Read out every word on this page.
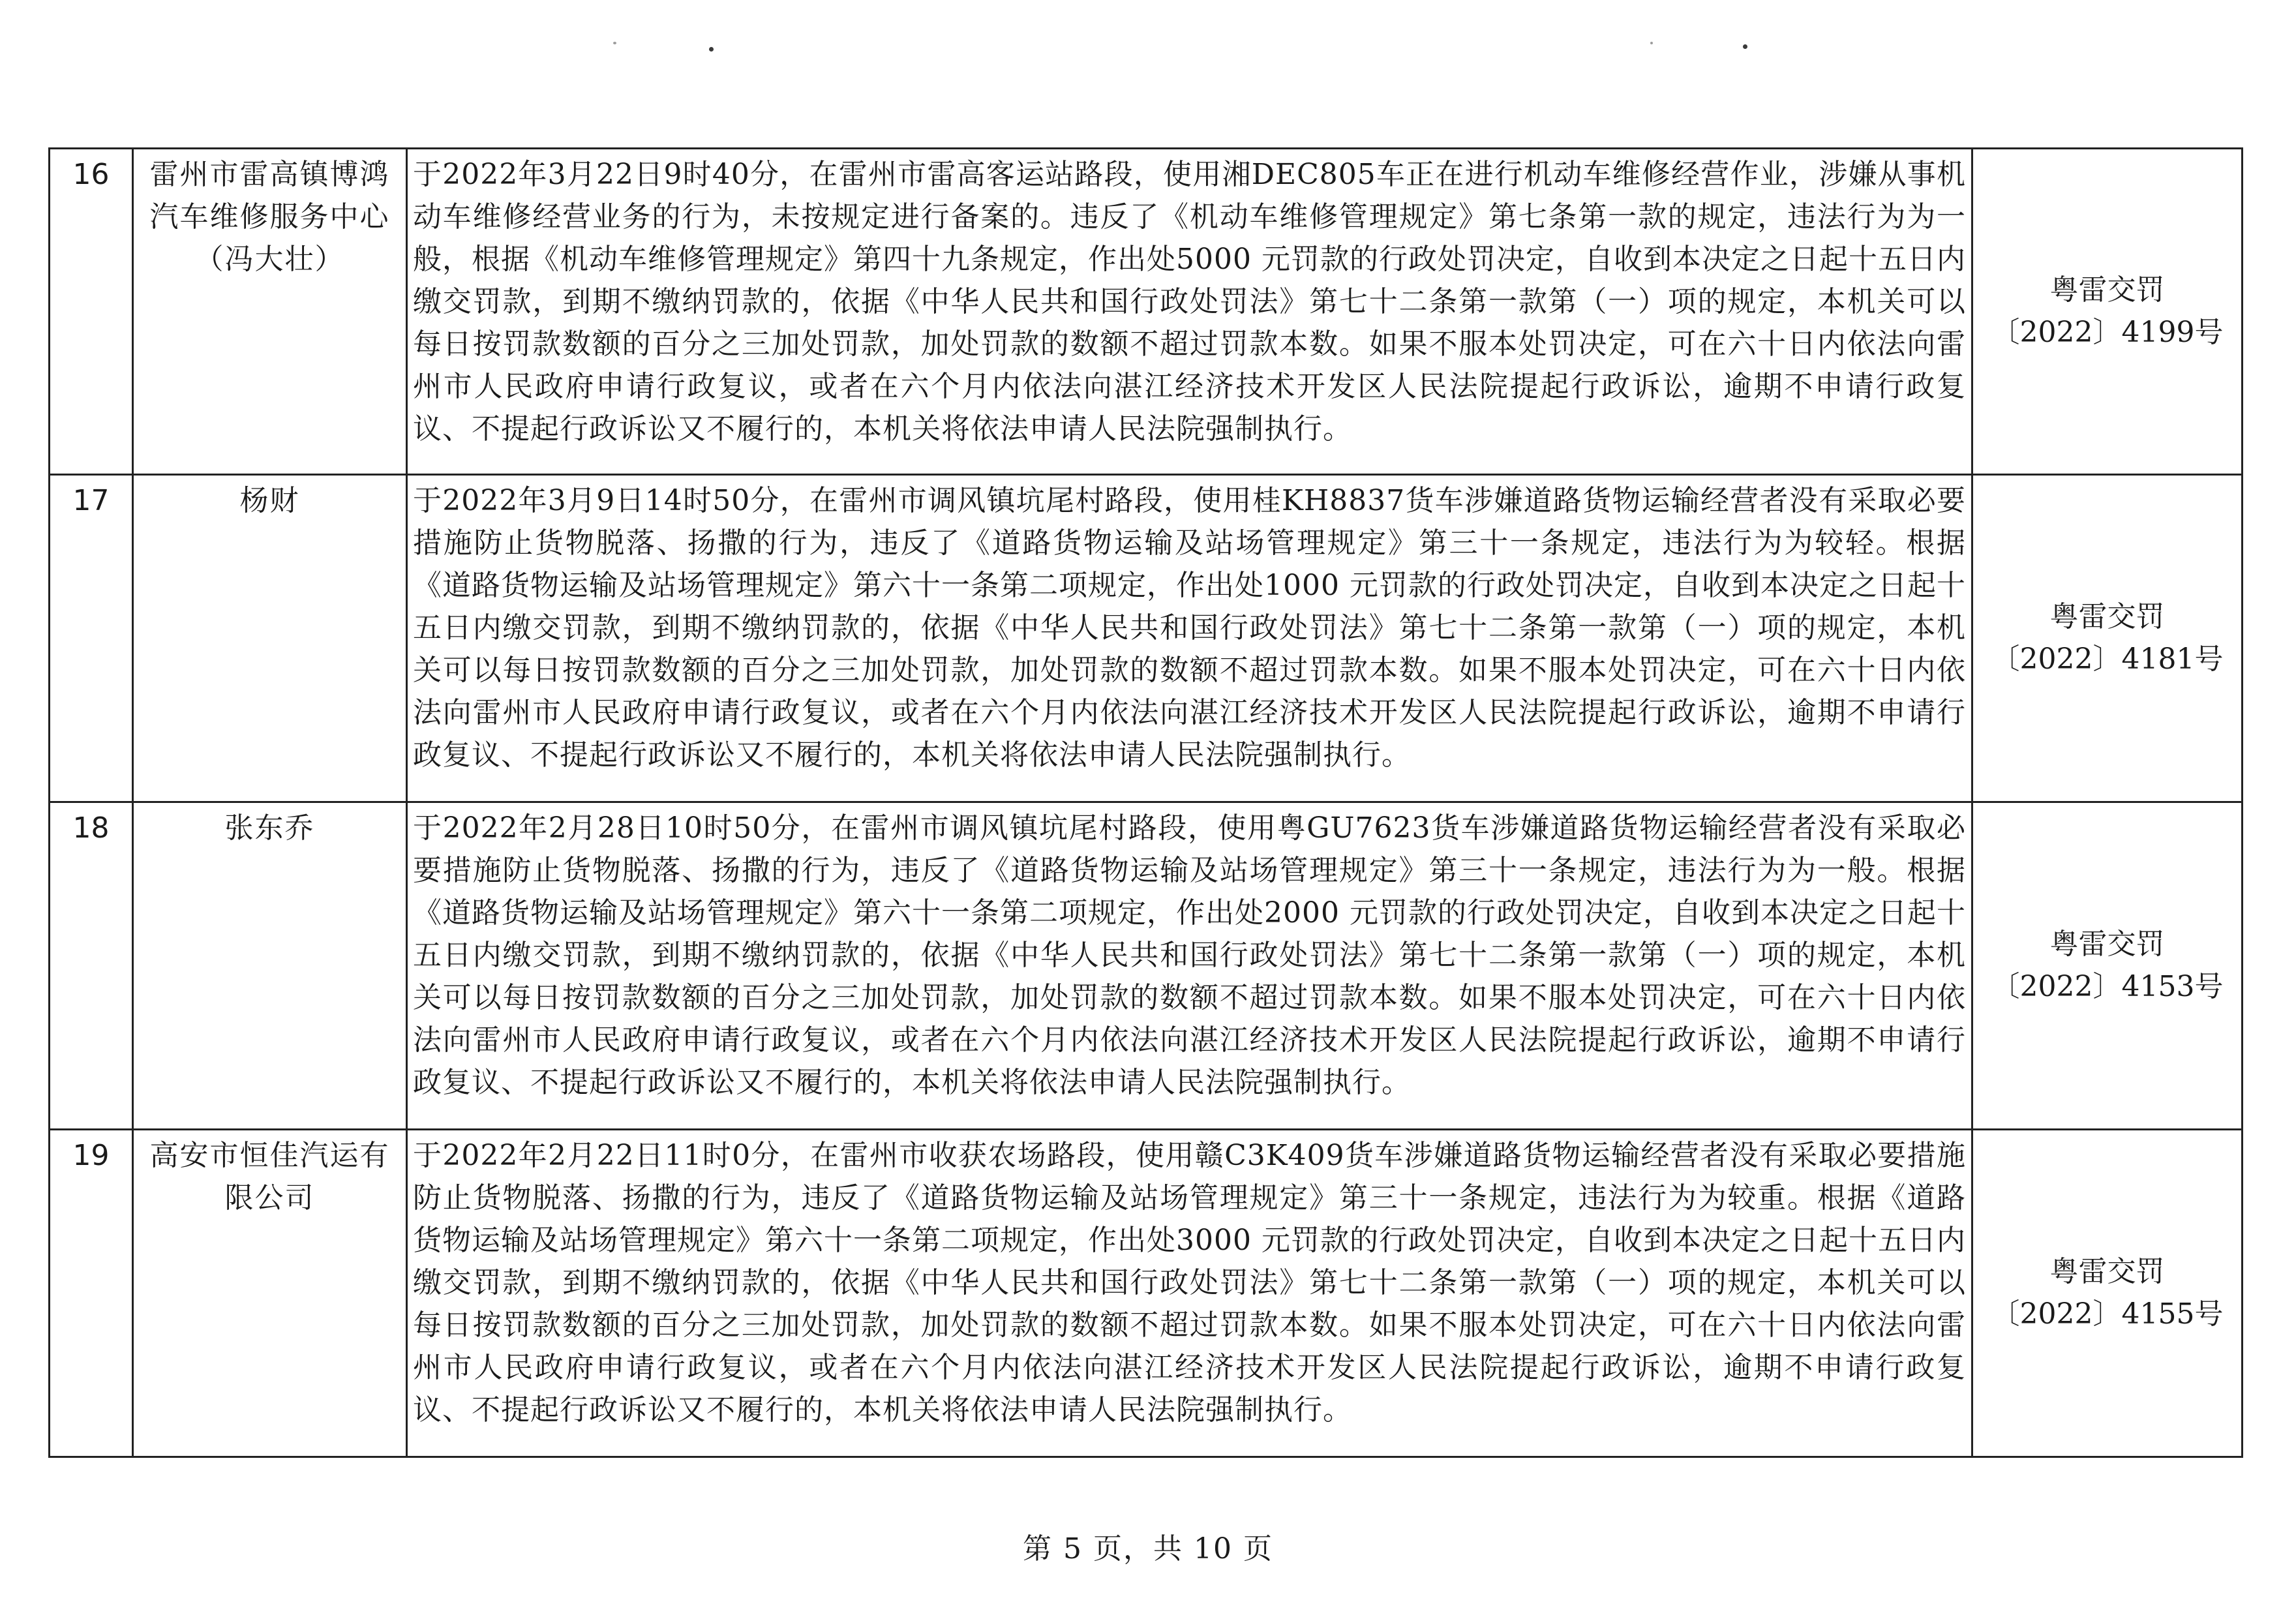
16	雷州市雷高镇博鸿汽车维修服务中心（冯大壮）	于2022年3月22日9时40分，在雷州市雷高客运站路段，使用湘DEC805车正在进行机动车维修经营作业，涉嫌从事机动车维修经营业务的行为，未按规定进行备案的。违反了《机动车维修管理规定》第七条第一款的规定，违法行为为一般，根据《机动车维修管理规定》第四十九条规定，作出处5000 元罚款的行政处罚决定，自收到本决定之日起十五日内缴交罚款，到期不缴纳罚款的，依据《中华人民共和国行政处罚法》第七十二条第一款第（一）项的规定，本机关可以每日按罚款数额的百分之三加处罚款，加处罚款的数额不超过罚款本数。如果不服本处罚决定，可在六十日内依法向雷州市人民政府申请行政复议，或者在六个月内依法向湛江经济技术开发区人民法院提起行政诉讼，逾期不申请行政复议、不提起行政诉讼又不履行的，本机关将依法申请人民法院强制执行。	粤雷交罚
〔2022〕4199号

17	杨财	于2022年3月9日14时50分，在雷州市调风镇坑尾村路段，使用桂KH8837货车涉嫌道路货物运输经营者没有采取必要措施防止货物脱落、扬撒的行为，违反了《道路货物运输及站场管理规定》第三十一条规定，违法行为为较轻。根据《道路货物运输及站场管理规定》第六十一条第二项规定，作出处1000 元罚款的行政处罚决定，自收到本决定之日起十五日内缴交罚款，到期不缴纳罚款的，依据《中华人民共和国行政处罚法》第七十二条第一款第（一）项的规定，本机关可以每日按罚款数额的百分之三加处罚款，加处罚款的数额不超过罚款本数。如果不服本处罚决定，可在六十日内依法向雷州市人民政府申请行政复议，或者在六个月内依法向湛江经济技术开发区人民法院提起行政诉讼，逾期不申请行政复议、不提起行政诉讼又不履行的，本机关将依法申请人民法院强制执行。	粤雷交罚
〔2022〕4181号

18	张东乔	于2022年2月28日10时50分，在雷州市调风镇坑尾村路段，使用粤GU7623货车涉嫌道路货物运输经营者没有采取必要措施防止货物脱落、扬撒的行为，违反了《道路货物运输及站场管理规定》第三十一条规定，违法行为为一般。根据《道路货物运输及站场管理规定》第六十一条第二项规定，作出处2000 元罚款的行政处罚决定，自收到本决定之日起十五日内缴交罚款，到期不缴纳罚款的，依据《中华人民共和国行政处罚法》第七十二条第一款第（一）项的规定，本机关可以每日按罚款数额的百分之三加处罚款，加处罚款的数额不超过罚款本数。如果不服本处罚决定，可在六十日内依法向雷州市人民政府申请行政复议，或者在六个月内依法向湛江经济技术开发区人民法院提起行政诉讼，逾期不申请行政复议、不提起行政诉讼又不履行的，本机关将依法申请人民法院强制执行。	粤雷交罚
〔2022〕4153号

19	高安市恒佳汽运有限公司	于2022年2月22日11时0分，在雷州市收获农场路段，使用赣C3K409货车涉嫌道路货物运输经营者没有采取必要措施防止货物脱落、扬撒的行为，违反了《道路货物运输及站场管理规定》第三十一条规定，违法行为为较重。根据《道路货物运输及站场管理规定》第六十一条第二项规定，作出处3000 元罚款的行政处罚决定，自收到本决定之日起十五日内缴交罚款，到期不缴纳罚款的，依据《中华人民共和国行政处罚法》第七十二条第一款第（一）项的规定，本机关可以每日按罚款数额的百分之三加处罚款，加处罚款的数额不超过罚款本数。如果不服本处罚决定，可在六十日内依法向雷州市人民政府申请行政复议，或者在六个月内依法向湛江经济技术开发区人民法院提起行政诉讼，逾期不申请行政复议、不提起行政诉讼又不履行的，本机关将依法申请人民法院强制执行。	粤雷交罚
〔2022〕4155号
第 5 页，共 10 页
